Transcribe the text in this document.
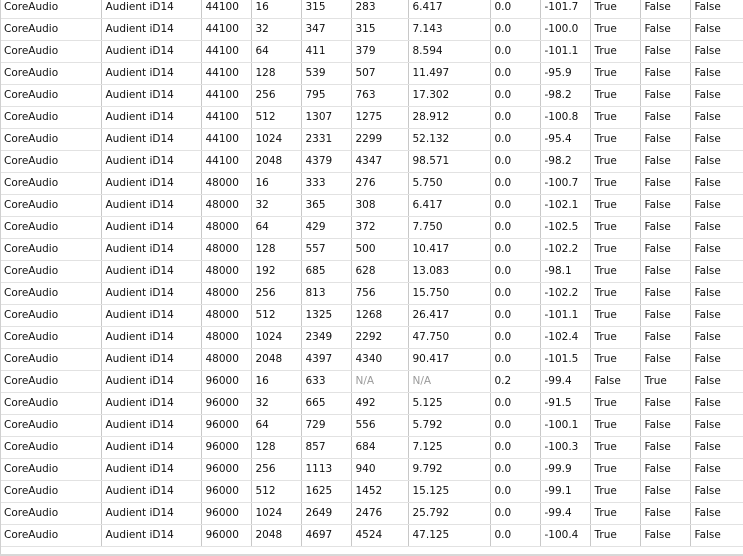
CoreAudio	Audient iD14	44100	16	315	283	6.417	0.0	-101.7	True	False	False
CoreAudio	Audient iD14	44100	32	347	315	7.143	0.0	-100.0	True	False	False
CoreAudio	Audient iD14	44100	64	411	379	8.594	0.0	-101.1	True	False	False
CoreAudio	Audient iD14	44100	128	539	507	11.497	0.0	-95.9	True	False	False
CoreAudio	Audient iD14	44100	256	795	763	17.302	0.0	-98.2	True	False	False
CoreAudio	Audient iD14	44100	512	1307	1275	28.912	0.0	-100.8	True	False	False
CoreAudio	Audient iD14	44100	1024	2331	2299	52.132	0.0	-95.4	True	False	False
CoreAudio	Audient iD14	44100	2048	4379	4347	98.571	0.0	-98.2	True	False	False
CoreAudio	Audient iD14	48000	16	333	276	5.750	0.0	-100.7	True	False	False
CoreAudio	Audient iD14	48000	32	365	308	6.417	0.0	-102.1	True	False	False
CoreAudio	Audient iD14	48000	64	429	372	7.750	0.0	-102.5	True	False	False
CoreAudio	Audient iD14	48000	128	557	500	10.417	0.0	-102.2	True	False	False
CoreAudio	Audient iD14	48000	192	685	628	13.083	0.0	-98.1	True	False	False
CoreAudio	Audient iD14	48000	256	813	756	15.750	0.0	-102.2	True	False	False
CoreAudio	Audient iD14	48000	512	1325	1268	26.417	0.0	-101.1	True	False	False
CoreAudio	Audient iD14	48000	1024	2349	2292	47.750	0.0	-102.4	True	False	False
CoreAudio	Audient iD14	48000	2048	4397	4340	90.417	0.0	-101.5	True	False	False
CoreAudio	Audient iD14	96000	16	633	N/A	N/A	0.2	-99.4	False	True	False
CoreAudio	Audient iD14	96000	32	665	492	5.125	0.0	-91.5	True	False	False
CoreAudio	Audient iD14	96000	64	729	556	5.792	0.0	-100.1	True	False	False
CoreAudio	Audient iD14	96000	128	857	684	7.125	0.0	-100.3	True	False	False
CoreAudio	Audient iD14	96000	256	1113	940	9.792	0.0	-99.9	True	False	False
CoreAudio	Audient iD14	96000	512	1625	1452	15.125	0.0	-99.1	True	False	False
CoreAudio	Audient iD14	96000	1024	2649	2476	25.792	0.0	-99.4	True	False	False
CoreAudio	Audient iD14	96000	2048	4697	4524	47.125	0.0	-100.4	True	False	False
